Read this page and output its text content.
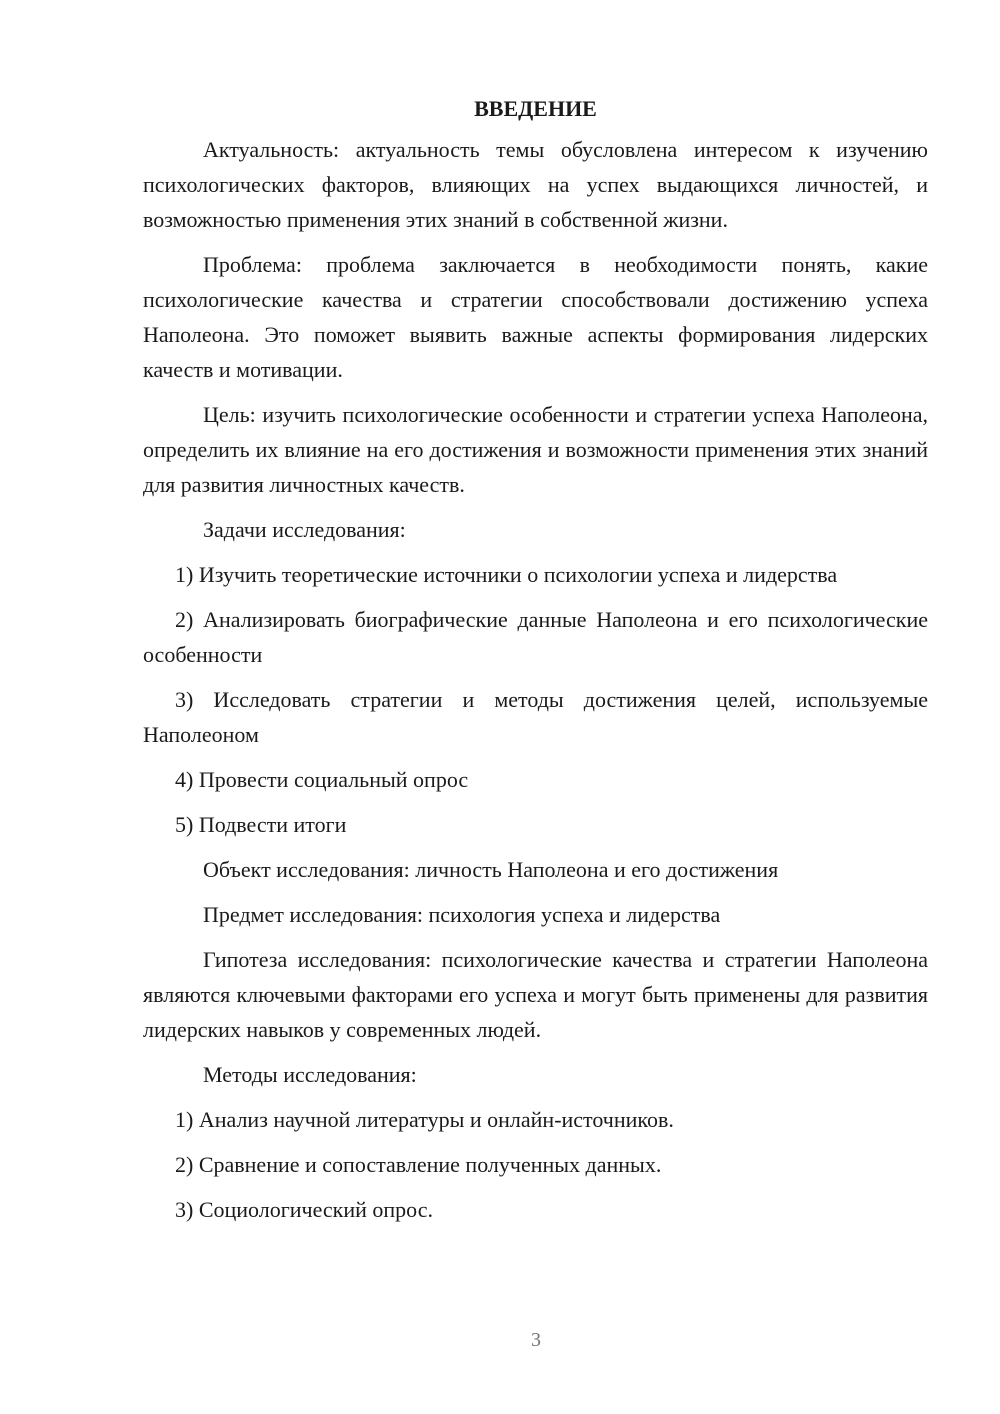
ВВЕДЕНИЕ

Актуальность: актуальность темы обусловлена интересом к изучению психологических факторов, влияющих на успех выдающихся личностей, и возможностью применения этих знаний в собственной жизни.

Проблема: проблема заключается в необходимости понять, какие психологические качества и стратегии способствовали достижению успеха Наполеона. Это поможет выявить важные аспекты формирования лидерских качеств и мотивации.

Цель: изучить психологические особенности и стратегии успеха Наполеона, определить их влияние на его достижения и возможности применения этих знаний для развития личностных качеств.

Задачи исследования:

1) Изучить теоретические источники о психологии успеха и лидерства

2) Анализировать биографические данные Наполеона и его психологические особенности

3) Исследовать стратегии и методы достижения целей, используемые Наполеоном

4) Провести социальный опрос

5) Подвести итоги

Объект исследования: личность Наполеона и его достижения

Предмет исследования: психология успеха и лидерства

Гипотеза исследования: психологические качества и стратегии Наполеона являются ключевыми факторами его успеха и могут быть применены для развития лидерских навыков у современных людей.

Методы исследования:

1) Анализ научной литературы и онлайн-источников.

2) Сравнение и сопоставление полученных данных.

3) Социологический опрос.

3
